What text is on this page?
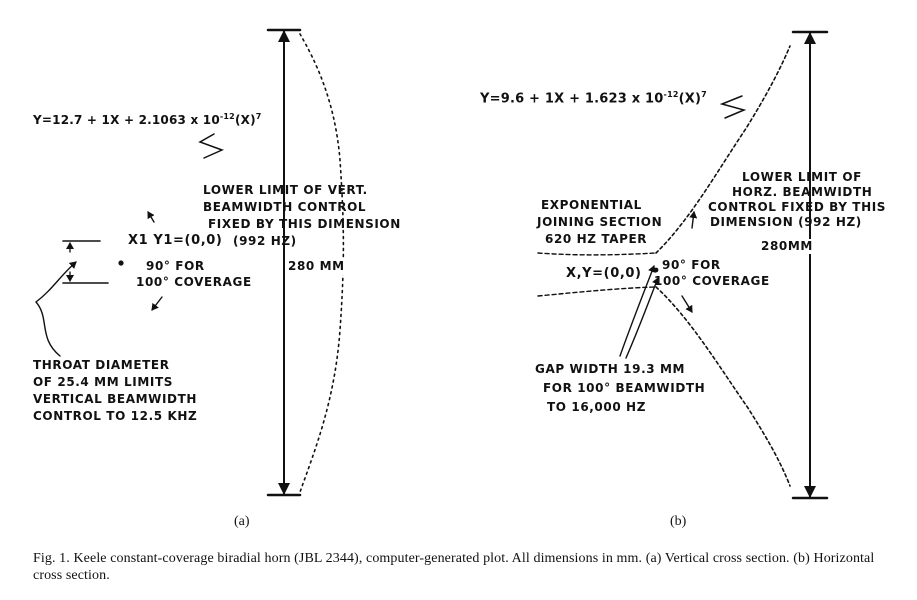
Y=12.7 + 1X + 2.1063 x $10^{-12}(X)^7$
LOWER LIMIT OF VERT.
BEAMWIDTH CONTROL
FIXED BY THIS DIMENSION
(992 HZ)
280 MM
X1 Y1=(0,0)
90° FOR
100° COVERAGE
THROAT DIAMETER
OF 25.4 MM LIMITS
VERTICAL BEAMWIDTH
CONTROL TO 12.5 KHZ
(a)
Y=9.6 + 1X + 1.623 x $10^{-12}(X)^7$
EXPONENTIAL
JOINING SECTION
620 HZ TAPER
LOWER LIMIT OF
HORZ. BEAMWIDTH
CONTROL FIXED BY THIS
DIMENSION (992 HZ)
280MM
X,Y=(0,0)
90° FOR
100° COVERAGE
GAP WIDTH 19.3 MM
FOR 100° BEAMWIDTH
TO 16,000 HZ
(b)
Fig. 1. Keele constant-coverage biradial horn (JBL 2344), computer-generated plot. All dimensions in mm. (a) Vertical cross section. (b) Horizontal cross section.
